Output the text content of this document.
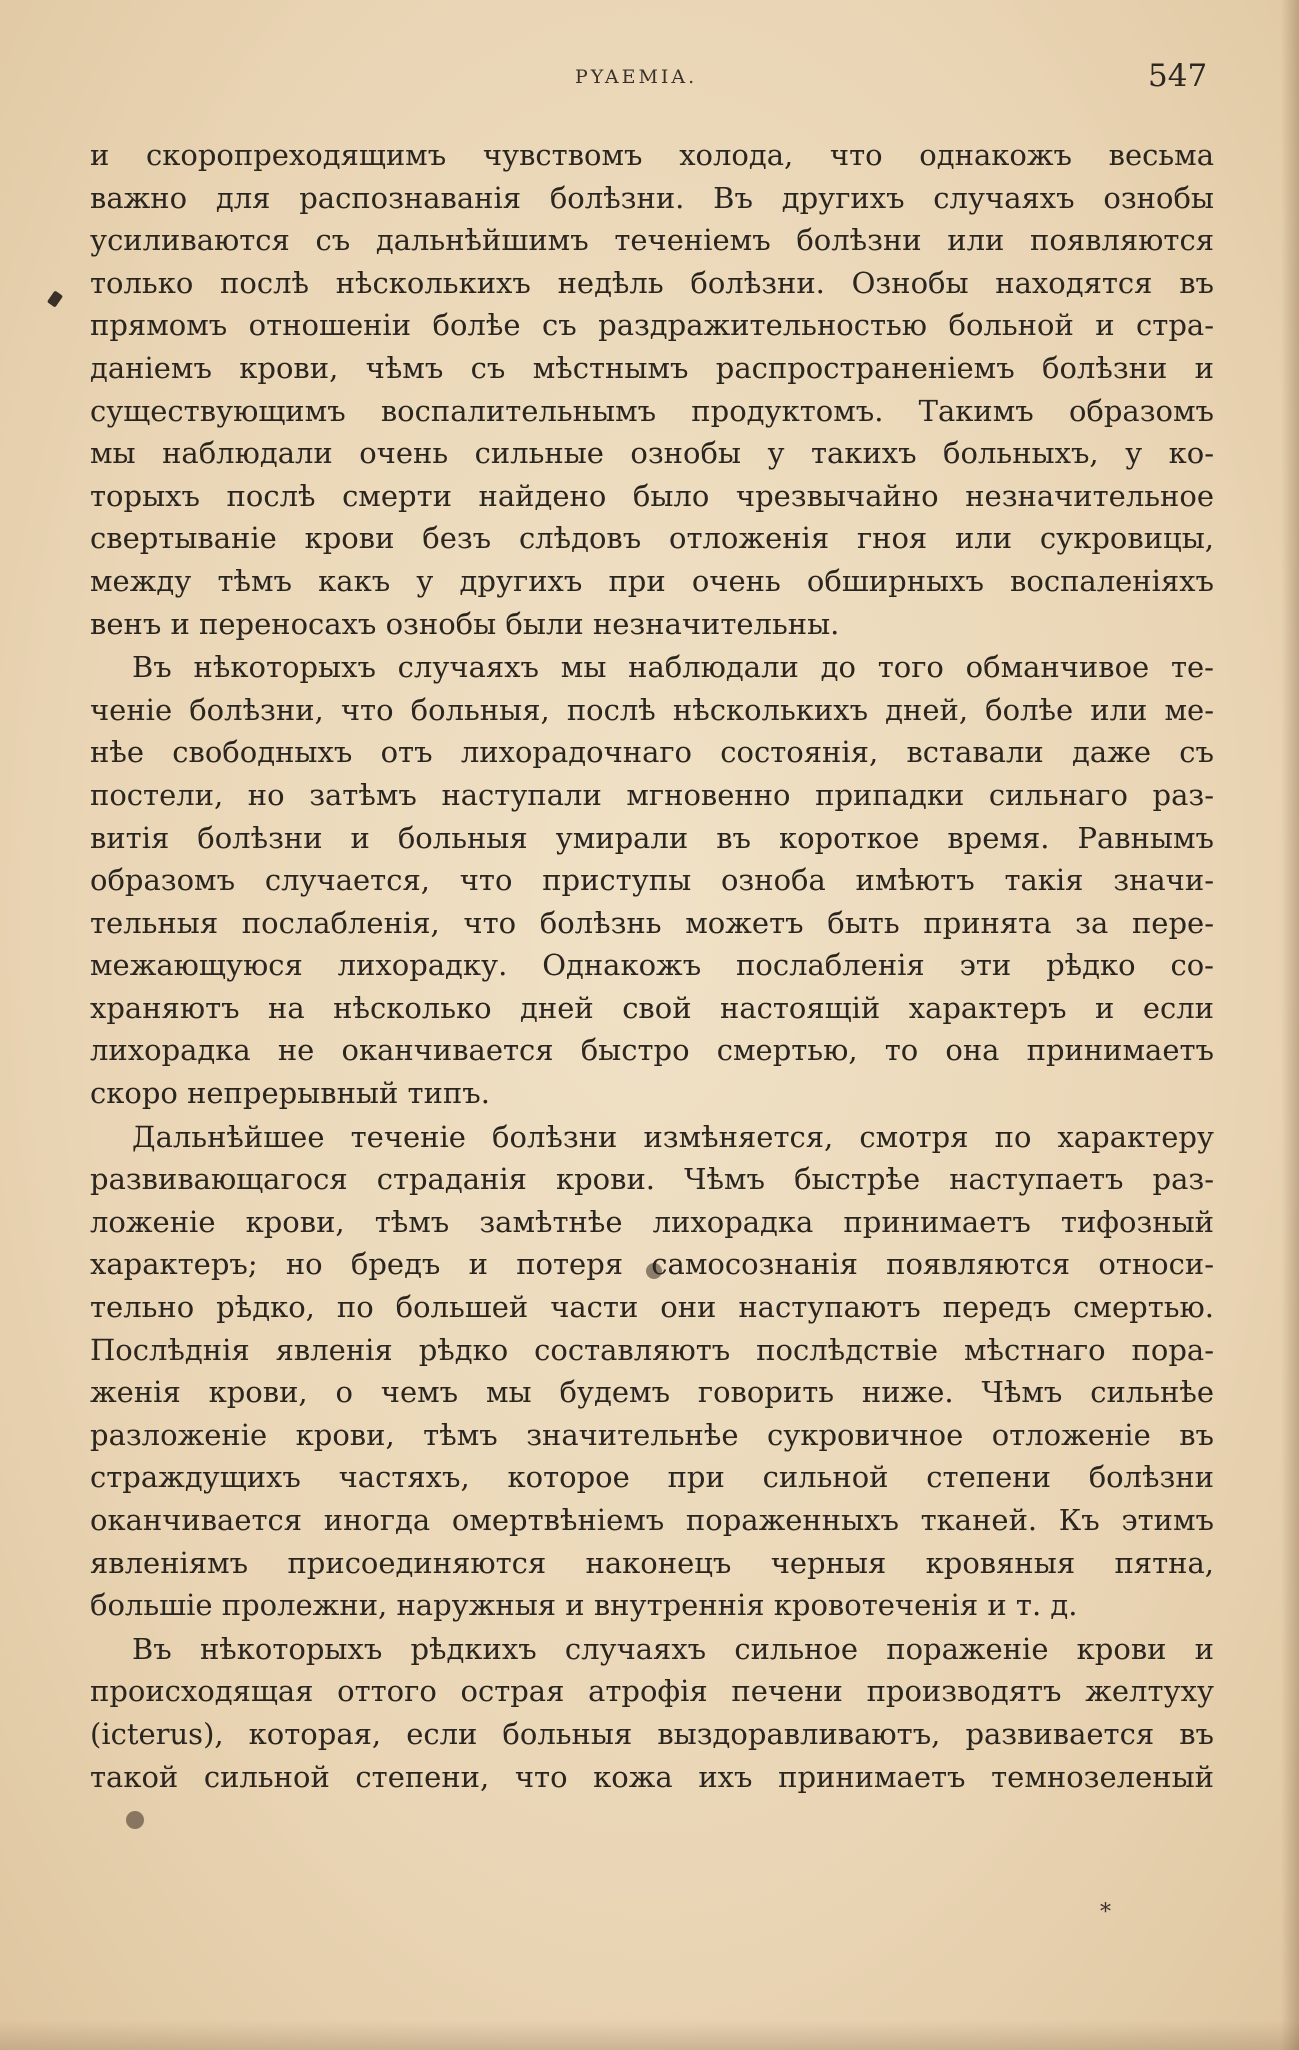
PYAEMIA.	547
и скоропреходящимъ чувствомъ холода, что однакожъ весьма
важно для распознаванія болѣзни. Въ другихъ случаяхъ ознобы
усиливаются съ дальнѣйшимъ теченіемъ болѣзни или появляются
только послѣ нѣсколькихъ недѣль болѣзни. Ознобы находятся въ
прямомъ отношеніи болѣе съ раздражительностью больной и стра-
даніемъ крови, чѣмъ съ мѣстнымъ распространеніемъ болѣзни и
существующимъ воспалительнымъ продуктомъ. Такимъ образомъ
мы наблюдали очень сильные ознобы у такихъ больныхъ, у ко-
торыхъ послѣ смерти найдено было чрезвычайно незначительное
свертываніе крови безъ слѣдовъ отложенія гноя или сукровицы,
между тѣмъ какъ у другихъ при очень обширныхъ воспаленіяхъ
венъ и переносахъ ознобы были незначительны.
Въ нѣкоторыхъ случаяхъ мы наблюдали до того обманчивое те-
ченіе болѣзни, что больныя, послѣ нѣсколькихъ дней, болѣе или ме-
нѣе свободныхъ отъ лихорадочнаго состоянія, вставали даже съ
постели, но затѣмъ наступали мгновенно припадки сильнаго раз-
витія болѣзни и больныя умирали въ короткое время. Равнымъ
образомъ случается, что приступы озноба имѣютъ такія значи-
тельныя послабленія, что болѣзнь можетъ быть принята за пере-
межающуюся лихорадку. Однакожъ послабленія эти рѣдко со-
храняютъ на нѣсколько дней свой настоящій характеръ и если
лихорадка не оканчивается быстро смертью, то она принимаетъ
скоро непрерывный типъ.
Дальнѣйшее теченіе болѣзни измѣняется, смотря по характеру
развивающагося страданія крови. Чѣмъ быстрѣе наступаетъ раз-
ложеніе крови, тѣмъ замѣтнѣе лихорадка принимаетъ тифозный
характеръ; но бредъ и потеря самосознанія появляются относи-
тельно рѣдко, по большей части они наступаютъ передъ смертью.
Послѣднія явленія рѣдко составляютъ послѣдствіе мѣстнаго пора-
женія крови, о чемъ мы будемъ говорить ниже. Чѣмъ сильнѣе
разложеніе крови, тѣмъ значительнѣе сукровичное отложеніе въ
страждущихъ частяхъ, которое при сильной степени болѣзни
оканчивается иногда омертвѣніемъ пораженныхъ тканей. Къ этимъ
явленіямъ присоединяются наконецъ черныя кровяныя пятна,
большіе пролежни, наружныя и внутреннія кровотеченія и т. д.
Въ нѣкоторыхъ рѣдкихъ случаяхъ сильное пораженіе крови и
происходящая оттого острая атрофія печени производятъ желтуху
(icterus), которая, если больныя выздоравливаютъ, развивается въ
такой сильной степени, что кожа ихъ принимаетъ темнозеленый
*
